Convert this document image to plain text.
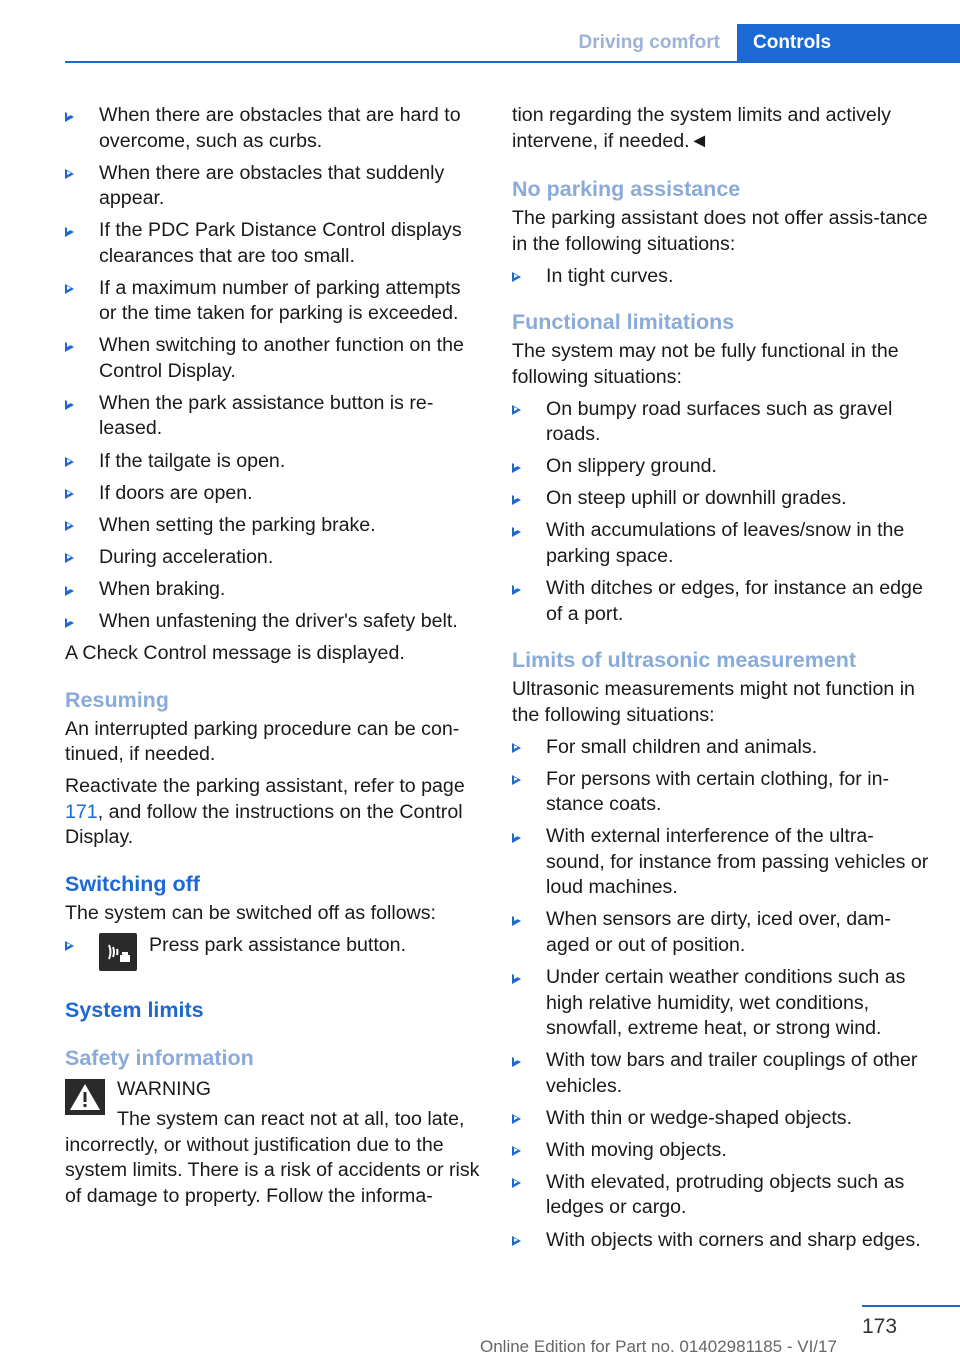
Driving comfort	Controls
When there are obstacles that are hard to overcome, such as curbs.
When there are obstacles that suddenly appear.
If the PDC Park Distance Control displays clearances that are too small.
If a maximum number of parking attempts or the time taken for parking is exceeded.
When switching to another function on the Control Display.
When the park assistance button is re-leased.
If the tailgate is open.
If doors are open.
When setting the parking brake.
During acceleration.
When braking.
When unfastening the driver's safety belt.

A Check Control message is displayed.

Resuming

An interrupted parking procedure can be con-tinued, if needed.

Reactivate the parking assistant, refer to page 171, and follow the instructions on the Control Display.

Switching off

The system can be switched off as follows:

Press park assistance button.
System limits
Safety information

WARNING

The system can react not at all, too late,

incorrectly, or without justification due to the system limits. There is a risk of accidents or risk of damage to property. Follow the informa-

tion regarding the system limits and actively intervene, if needed.◄

No parking assistance

The parking assistant does not offer assis-tance in the following situations:

In tight curves.
Functional limitations

The system may not be fully functional in the following situations:

On bumpy road surfaces such as gravel roads.
On slippery ground.
On steep uphill or downhill grades.
With accumulations of leaves/snow in the parking space.
With ditches or edges, for instance an edge of a port.
Limits of ultrasonic measurement

Ultrasonic measurements might not function in the following situations:

For small children and animals.
For persons with certain clothing, for in-stance coats.
With external interference of the ultra-sound, for instance from passing vehicles or loud machines.
When sensors are dirty, iced over, dam-aged or out of position.
Under certain weather conditions such as high relative humidity, wet conditions, snowfall, extreme heat, or strong wind.
With tow bars and trailer couplings of other vehicles.
With thin or wedge-shaped objects.
With moving objects.
With elevated, protruding objects such as ledges or cargo.
With objects with corners and sharp edges.
173
Online Edition for Part no. 01402981185 - VI/17
